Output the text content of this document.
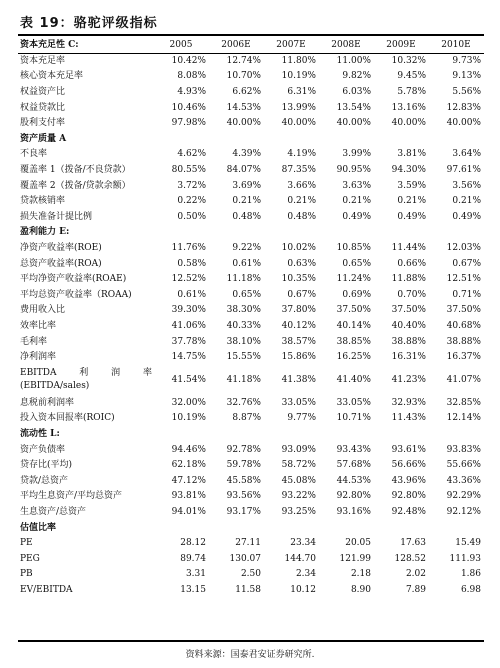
表 19：骆驼评级指标
资本充足性 C:	2005	2006E	2007E	2008E	2009E	2010E
资本充足率	10.42%	12.74%	11.80%	11.00%	10.32%	9.73%
核心资本充足率	8.08%	10.70%	10.19%	9.82%	9.45%	9.13%
权益资产比	4.93%	6.62%	6.31%	6.03%	5.78%	5.56%
权益贷款比	10.46%	14.53%	13.99%	13.54%	13.16%	12.83%
股利支付率	97.98%	40.00%	40.00%	40.00%	40.00%	40.00%
资产质量 A						
不良率	4.62%	4.39%	4.19%	3.99%	3.81%	3.64%
覆盖率 1（拨备/不良贷款）	80.55%	84.07%	87.35%	90.95%	94.30%	97.61%
覆盖率 2（拨备/贷款余额）	3.72%	3.69%	3.66%	3.63%	3.59%	3.56%
贷款核销率	0.22%	0.21%	0.21%	0.21%	0.21%	0.21%
损失准备计提比例	0.50%	0.48%	0.48%	0.49%	0.49%	0.49%
盈利能力 E:						
净资产收益率(ROE)	11.76%	9.22%	10.02%	10.85%	11.44%	12.03%
总资产收益率(ROA)	0.58%	0.61%	0.63%	0.65%	0.66%	0.67%
平均净资产收益率(ROAE)	12.52%	11.18%	10.35%	11.24%	11.88%	12.51%
平均总资产收益率（ROAA)	0.61%	0.65%	0.67%	0.69%	0.70%	0.71%
费用收入比	39.30%	38.30%	37.80%	37.50%	37.50%	37.50%
效率比率	41.06%	40.33%	40.12%	40.14%	40.40%	40.68%
毛利率	37.78%	38.10%	38.57%	38.85%	38.88%	38.88%
净利润率	14.75%	15.55%	15.86%	16.25%	16.31%	16.37%

EBITDA 利 润 率
(EBITDA/sales)	41.54%	41.18%	41.38%	41.40%	41.23%	41.07%
息税前利润率	32.00%	32.76%	33.05%	33.05%	32.93%	32.85%
投入资本回报率(ROIC)	10.19%	8.87%	9.77%	10.71%	11.43%	12.14%
流动性 L:						
资产负债率	94.46%	92.78%	93.09%	93.43%	93.61%	93.83%
贷存比(平均)	62.18%	59.78%	58.72%	57.68%	56.66%	55.66%
贷款/总资产	47.12%	45.58%	45.08%	44.53%	43.96%	43.36%
平均生息资产/平均总资产	93.81%	93.56%	93.22%	92.80%	92.80%	92.29%
生息资产/总资产	94.01%	93.17%	93.25%	93.16%	92.48%	92.12%
估值比率						
PE	28.12	27.11	23.34	20.05	17.63	15.49
PEG	89.74	130.07	144.70	121.99	128.52	111.93
PB	3.31	2.50	2.34	2.18	2.02	1.86
EV/EBITDA	13.15	11.58	10.12	8.90	7.89	6.98
资料来源：国泰君安证券研究所.
